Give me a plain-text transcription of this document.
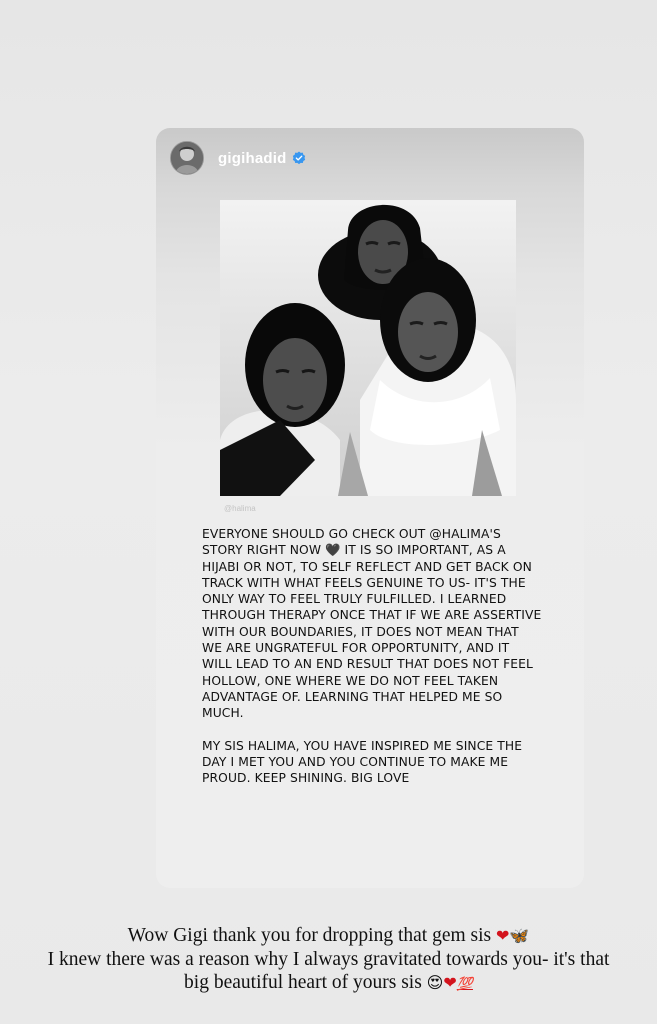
gigihadid
@halima

EVERYONE SHOULD GO CHECK OUT @HALIMA'S STORY RIGHT NOW 🖤 IT IS SO IMPORTANT, AS A HIJABI OR NOT, TO SELF REFLECT AND GET BACK ON TRACK WITH WHAT FEELS GENUINE TO US- IT'S THE ONLY WAY TO FEEL TRULY FULFILLED. I LEARNED THROUGH THERAPY ONCE THAT IF WE ARE ASSERTIVE WITH OUR BOUNDARIES, IT DOES NOT MEAN THAT WE ARE UNGRATEFUL FOR OPPORTUNITY, AND IT WILL LEAD TO AN END RESULT THAT DOES NOT FEEL HOLLOW, ONE WHERE WE DO NOT FEEL TAKEN ADVANTAGE OF. LEARNING THAT HELPED ME SO MUCH.

MY SIS HALIMA, YOU HAVE INSPIRED ME SINCE THE DAY I MET YOU AND YOU CONTINUE TO MAKE ME PROUD. KEEP SHINING. BIG LOVE

Wow Gigi thank you for dropping that gem sis ❤🦋
I knew there was a reason why I always gravitated towards you- it's that
big beautiful heart of yours sis 😍❤💯
